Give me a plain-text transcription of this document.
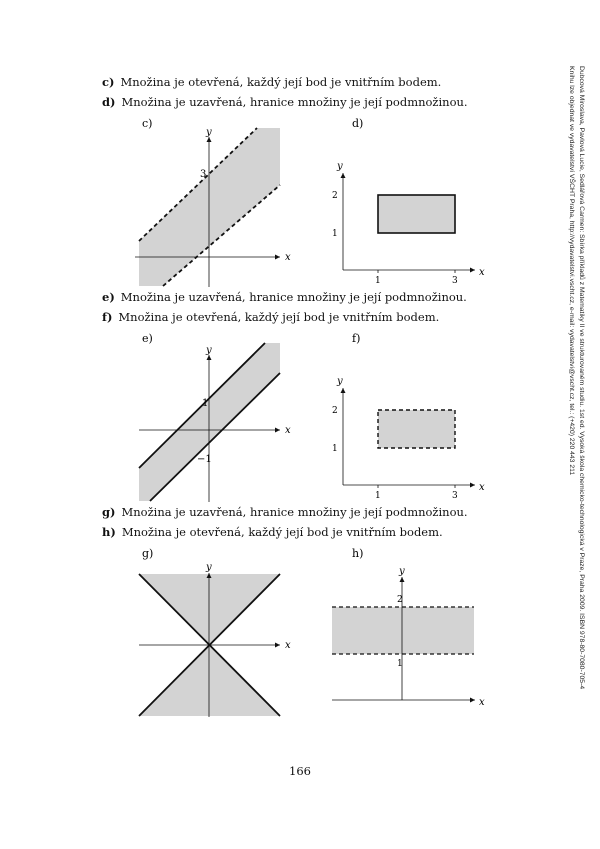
c) Množina je otevřená, každý její bod je vnitřním bodem.
d) Množina je uzavřená, hranice množiny je její podmnožinou.
c)
x
y
3
d)
1	3
1
2
x
y
e) Množina je uzavřená, hranice množiny je její podmnožinou.
f) Množina je otevřená, každý její bod je vnitřním bodem.
e)
x
y
1
−1
f)
1	3
1
2
x
y
g) Množina je uzavřená, hranice množiny je její podmnožinou.
h) Množina je otevřená, každý její bod je vnitřním bodem.
g)
x
y
h)
1
2
x
y	Dubcová Miroslava, Pavlová Lucie, Sedlářová Carmen: Sbírka příkladů z Matematiky II ve strukturovaném studiu. 1st ed. Vysoká škola chemicko-technologická v Praze, Praha 2009. ISBN 978-80-7080-705-4
Knihu lze objednat ve vydavatelství VŠCHT Praha, http://vydavatelstvi.vscht.cz, e-mail: vydavatelstvi@vscht.cz, tel.: (+420) 220 443 211
166
